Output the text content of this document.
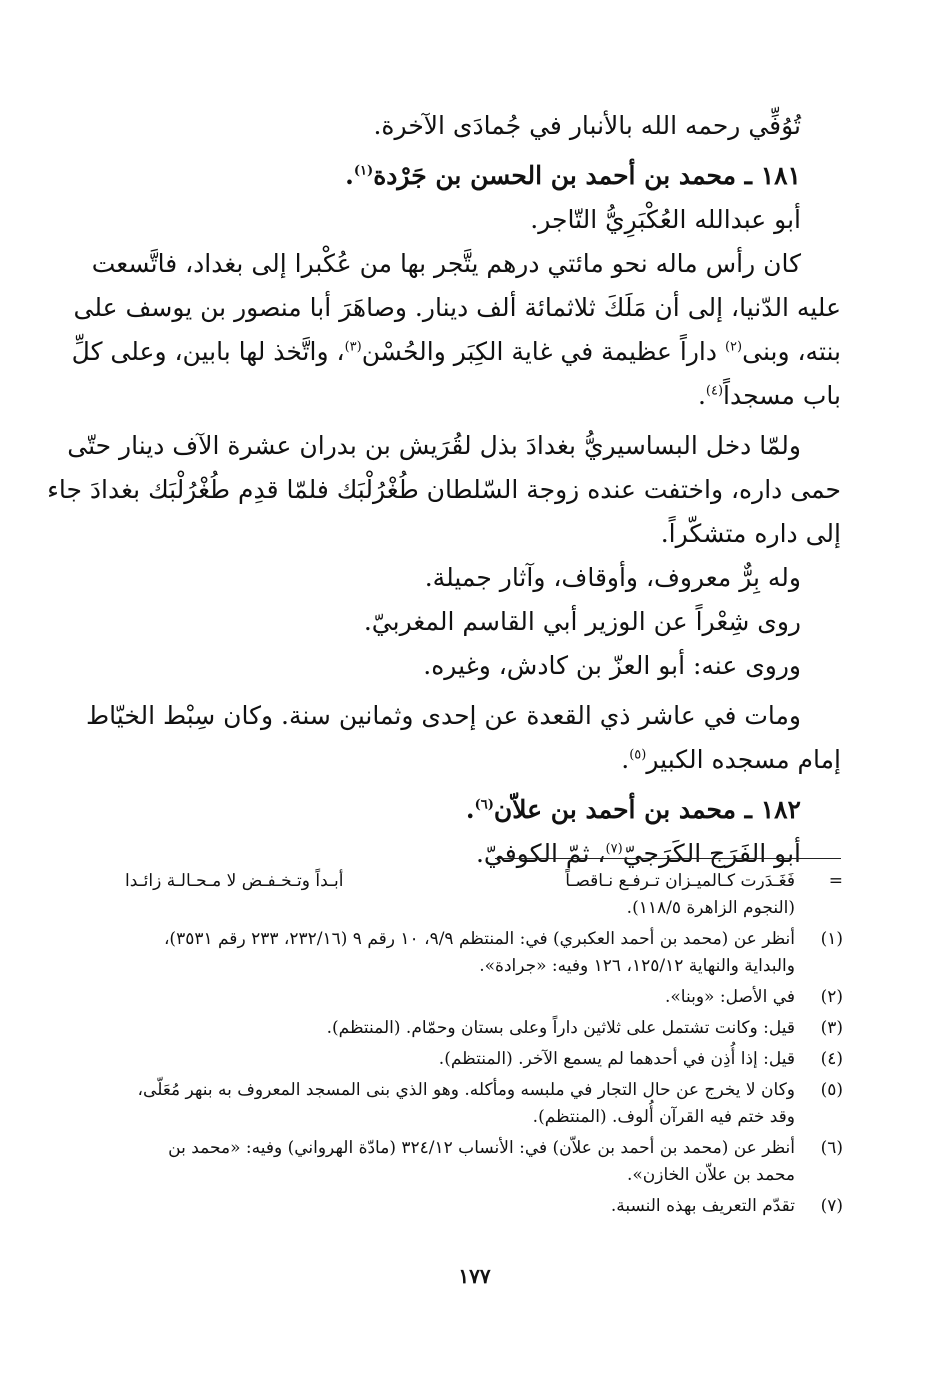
تُوُفِّي رحمه الله بالأنبار في جُمادَى الآخرة.
١٨١ ـ محمد بن أحمد بن الحسن بن جَرْدة$^{(١)}$.
أبو عبدالله العُكْبَرِيُّ التّاجر.
كان رأس ماله نحو مائتي درهم يتَّجر بها من عُكْبرا إلى بغداد، فاتَّسعت
عليه الدّنيا، إلى أن مَلَكَ ثلاثمائة ألف دينار. وصاهَرَ أبا منصور بن يوسف على
بنته، وبنى$^{(٢)}$ داراً عظيمة في غاية الكِبَر والحُسْن$^{(٣)}$، واتَّخذ لها بابين، وعلى كلِّ
باب مسجداً$^{(٤)}$.
ولمّا دخل البساسيريُّ بغدادَ بذل لقُرَيش بن بدران عشرة الآف دينار حتّى
حمى داره، واختفت عنده زوجة السّلطان طُغْرُلْبَك فلمّا قدِم طُغْرُلْبَك بغدادَ جاء
إلى داره متشكّراً.
وله بِرٌّ معروف، وأوقاف، وآثار جميلة.
روى شِعْراً عن الوزير أبي القاسم المغربيّ.
وروى عنه: أبو العزّ بن كادش، وغيره.
ومات في عاشر ذي القعدة عن إحدى وثمانين سنة. وكان سِبْط الخيّاط
إمام مسجده الكبير$^{(٥)}$.
١٨٢ ـ محمد بن أحمد بن علاّن$^{(٦)}$.
أبو الفَرَج الكَرَجيّ$^{(٧)}$، ثمّ الكوفيّ.
=
فَغَـدَرت كـالميـزان تـرفـع نـاقصـاً
أبـداً وتـخـفـض لا مـحـالـة زائـدا
(النجوم الزاهرة ١١٨/٥).
(١)
أنظر عن (محمد بن أحمد العكبري) في: المنتظم ٩/٩، ١٠ رقم ٩ (٢٣٢/١٦، ٢٣٣ رقم ٣٥٣١)، والبداية والنهاية ١٢٥/١٢، ١٢٦ وفيه: «جرادة».
(٢)
في الأصل: «وبنا».
(٣)
قيل: وكانت تشتمل على ثلاثين داراً وعلى بستان وحمّام. (المنتظم).
(٤)
قيل: إذا أُذِن في أحدهما لم يسمع الآخر. (المنتظم).
(٥)
وكان لا يخرج عن حال التجار في ملبسه ومأكله. وهو الذي بنى المسجد المعروف به بنهر مُعَلّى، وقد ختم فيه القرآن أُلوف. (المنتظم).
(٦)
أنظر عن (محمد بن أحمد بن علاّن) في: الأنساب ٣٢٤/١٢ (مادّة الهرواني) وفيه: «محمد بن محمد بن علاّن الخازن».
(٧)
تقدّم التعريف بهذه النسبة.
١٧٧
